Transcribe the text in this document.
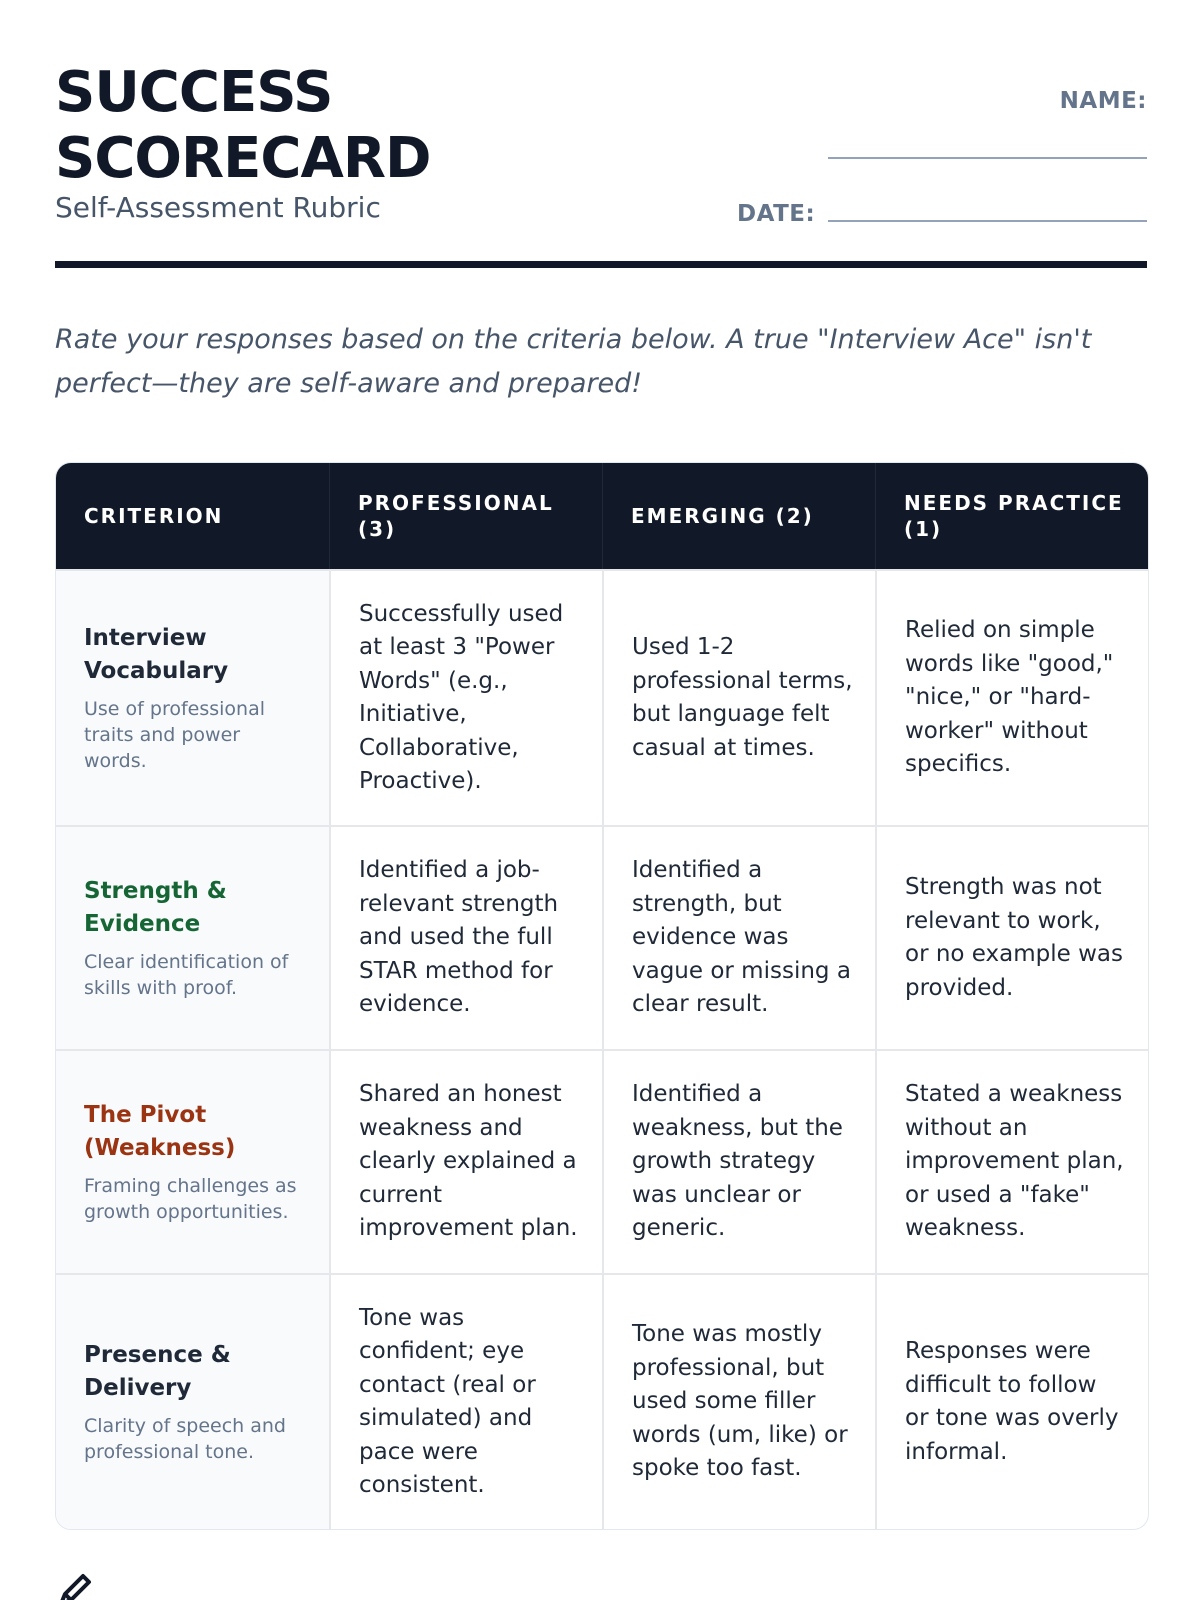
SUCCESS
SCORECARD
Self-Assessment Rubric
NAME:
DATE:

Rate your responses based on the criteria below. A true "Interview Ace" isn't perfect—they are self-aware and prepared!

CRITERION
PROFESSIONAL (3)
EMERGING (2)
NEEDS PRACTICE (1)
Interview Vocabulary
Use of professional traits and power words.
Successfully used at least 3 "Power Words" (e.g., Initiative, Collaborative, Proactive).
Used 1-2 professional terms, but language felt casual at times.
Relied on simple words like "good," "nice," or "hard-worker" without specifics.
Strength & Evidence
Clear identification of skills with proof.
Identified a job-relevant strength and used the full STAR method for evidence.
Identified a strength, but evidence was vague or missing a clear result.
Strength was not relevant to work, or no example was provided.
The Pivot (Weakness)
Framing challenges as growth opportunities.
Shared an honest weakness and clearly explained a current improvement plan.
Identified a weakness, but the growth strategy was unclear or generic.
Stated a weakness without an improvement plan, or used a "fake" weakness.
Presence & Delivery
Clarity of speech and professional tone.
Tone was confident; eye contact (real or simulated) and pace were consistent.
Tone was mostly professional, but used some filler words (um, like) or spoke too fast.
Responses were difficult to follow or tone was overly informal.
